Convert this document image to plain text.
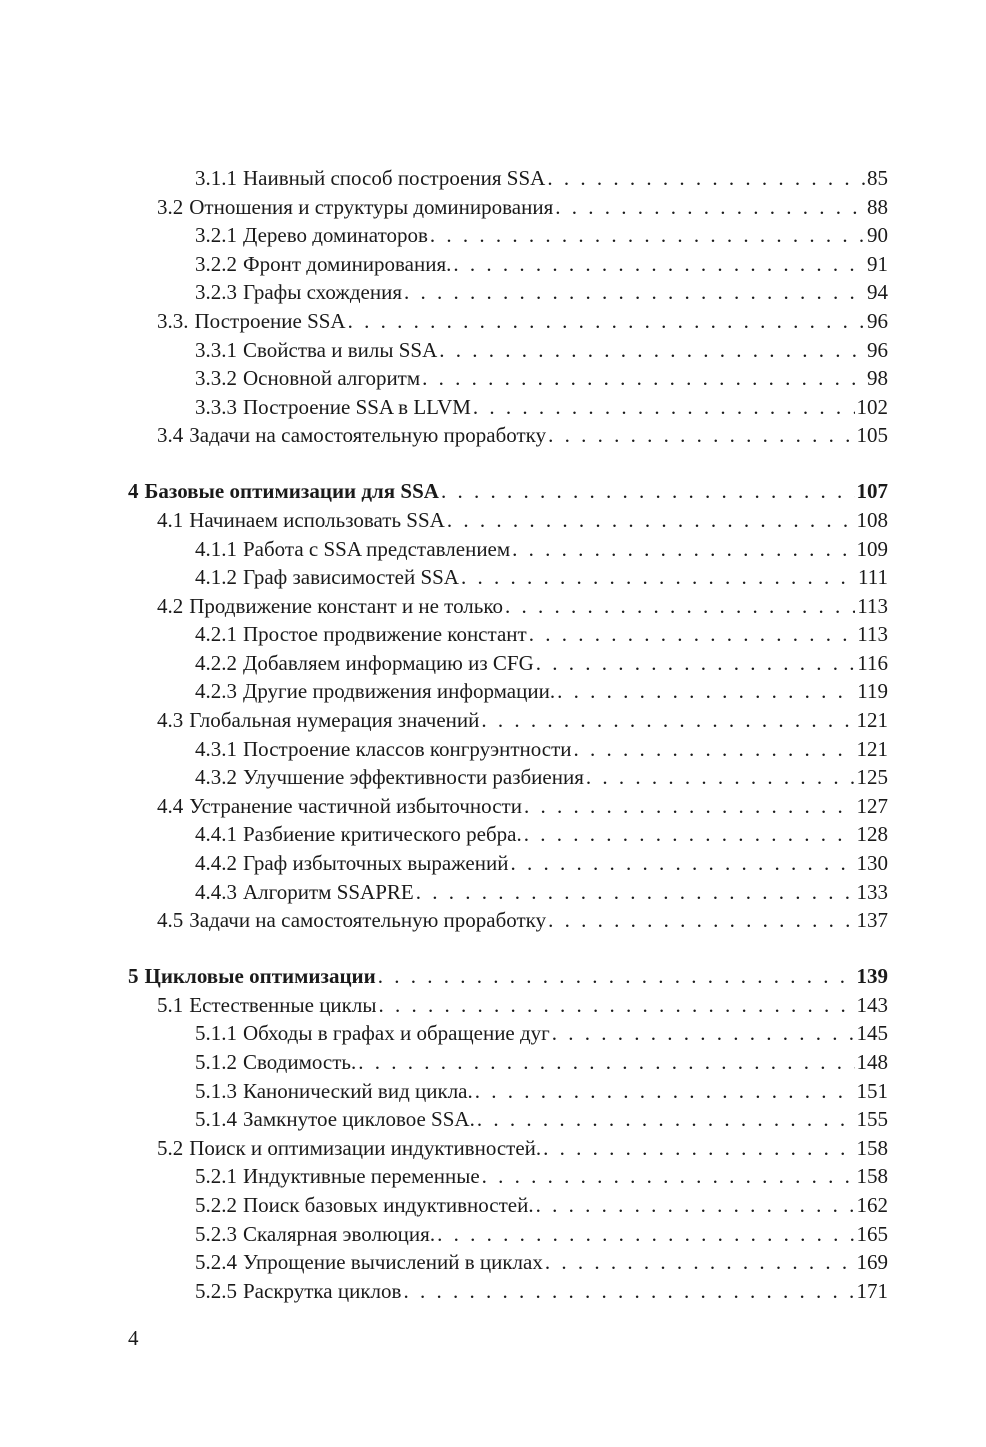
3.1.1 Наивный способ построения SSA . . .	85
3.2 Отношения и структуры доминирования . . .	88
3.2.1 Дерево доминаторов . . .	90
3.2.2 Фронт доминирования. . . .	91
3.2.3 Графы схождения . . .	94
3.3. Построение SSA . . .	96
3.3.1 Свойства и вилы SSA . . .	96
3.3.2 Основной алгоритм . . .	98
3.3.3 Построение SSA в LLVM . . .	102
3.4 Задачи на самостоятельную проработку . . .	105
4 Базовые оптимизации для SSA . . .	107
4.1 Начинаем использовать SSA . . .	108
4.1.1 Работа с SSA представлением . . .	109
4.1.2 Граф зависимостей SSA . . .	111
4.2 Продвижение констант и не только . . .	113
4.2.1 Простое продвижение констант . . .	113
4.2.2 Добавляем информацию из CFG . . .	116
4.2.3 Другие продвижения информации. . . .	119
4.3 Глобальная нумерация значений . . .	121
4.3.1 Построение классов конгруэнтности . . .	121
4.3.2 Улучшение эффективности разбиения . . .	125
4.4 Устранение частичной избыточности . . .	127
4.4.1 Разбиение критического ребра. . . .	128
4.4.2 Граф избыточных выражений . . .	130
4.4.3 Алгоритм SSAPRE . . .	133
4.5 Задачи на самостоятельную проработку . . .	137
5 Цикловые оптимизации . . .	139
5.1 Естественные циклы . . .	143
5.1.1 Обходы в графах и обращение дуг . . .	145
5.1.2 Сводимость. . . .	148
5.1.3 Канонический вид цикла. . . .	151
5.1.4 Замкнутое цикловое SSA. . . .	155
5.2 Поиск и оптимизации индуктивностей. . . .	158
5.2.1 Индуктивные переменные . . .	158
5.2.2 Поиск базовых индуктивностей. . . .	162
5.2.3 Скалярная эволюция. . . .	165
5.2.4 Упрощение вычислений в циклах . . .	169
5.2.5 Раскрутка циклов . . .	171
4
